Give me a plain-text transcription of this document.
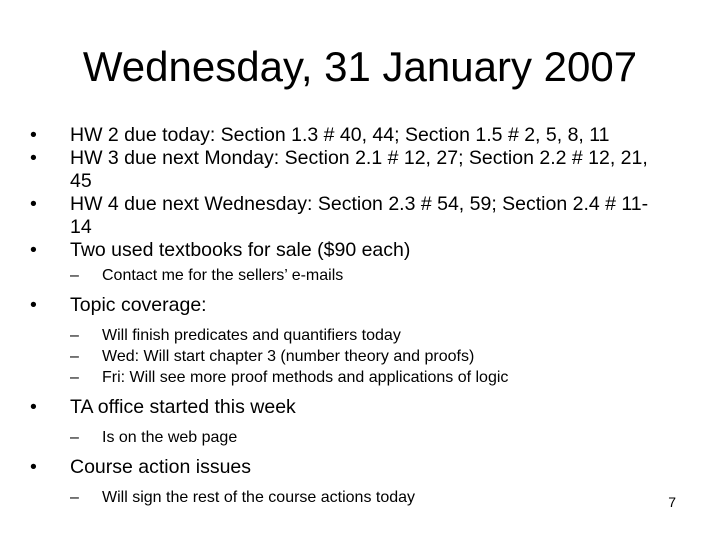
Wednesday, 31 January 2007
•	HW 2 due today: Section 1.3 # 40, 44; Section 1.5 # 2, 5, 8, 11
•	HW 3 due next Monday: Section 2.1 # 12, 27; Section 2.2 # 12, 21,
45
•	HW 4 due next Wednesday: Section 2.3 # 54, 59; Section 2.4 # 11-
14
•	Two used textbooks for sale ($90 each)
– Contact me for the sellers’ e-mails
•	Topic coverage:
– Will finish predicates and quantifiers today
– Wed: Will start chapter 3 (number theory and proofs)
– Fri: Will see more proof methods and applications of logic
•	TA office started this week
– Is on the web page
•	Course action issues
– Will sign the rest of the course actions today	7
